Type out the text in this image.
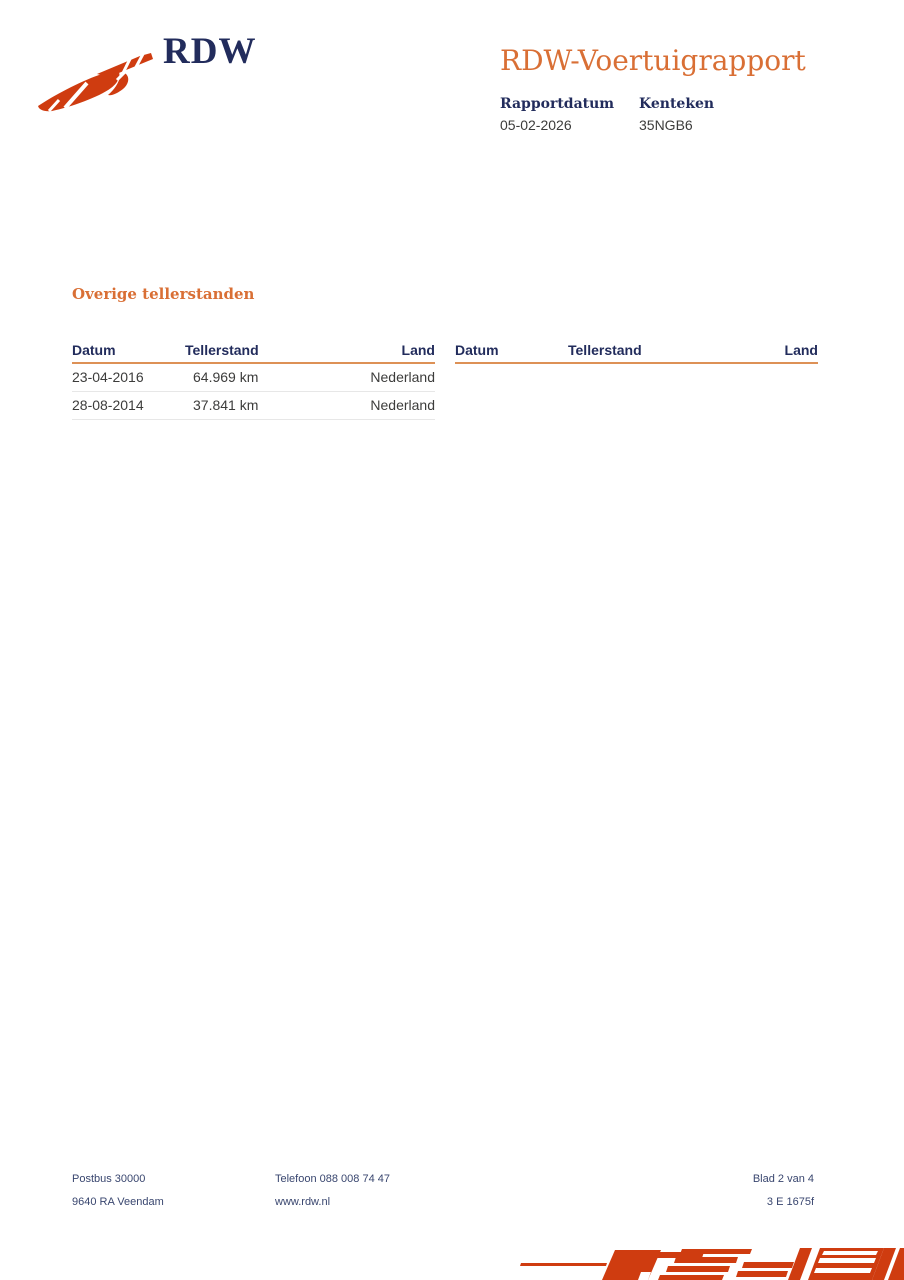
RDW	RDW-Voertuigrapport
Rapportdatum
05-02-2026
Kenteken
35NGB6
Overige tellerstanden
Datum	Tellerstand	Land
23-04-2016	64.969 km	Nederland
28-08-2014	37.841 km	Nederland
Datum	Tellerstand	Land
Postbus 30000
9640 RA Veendam
Telefoon 088 008 74 47
www.rdw.nl
Blad 2 van 4
3 E 1675f
